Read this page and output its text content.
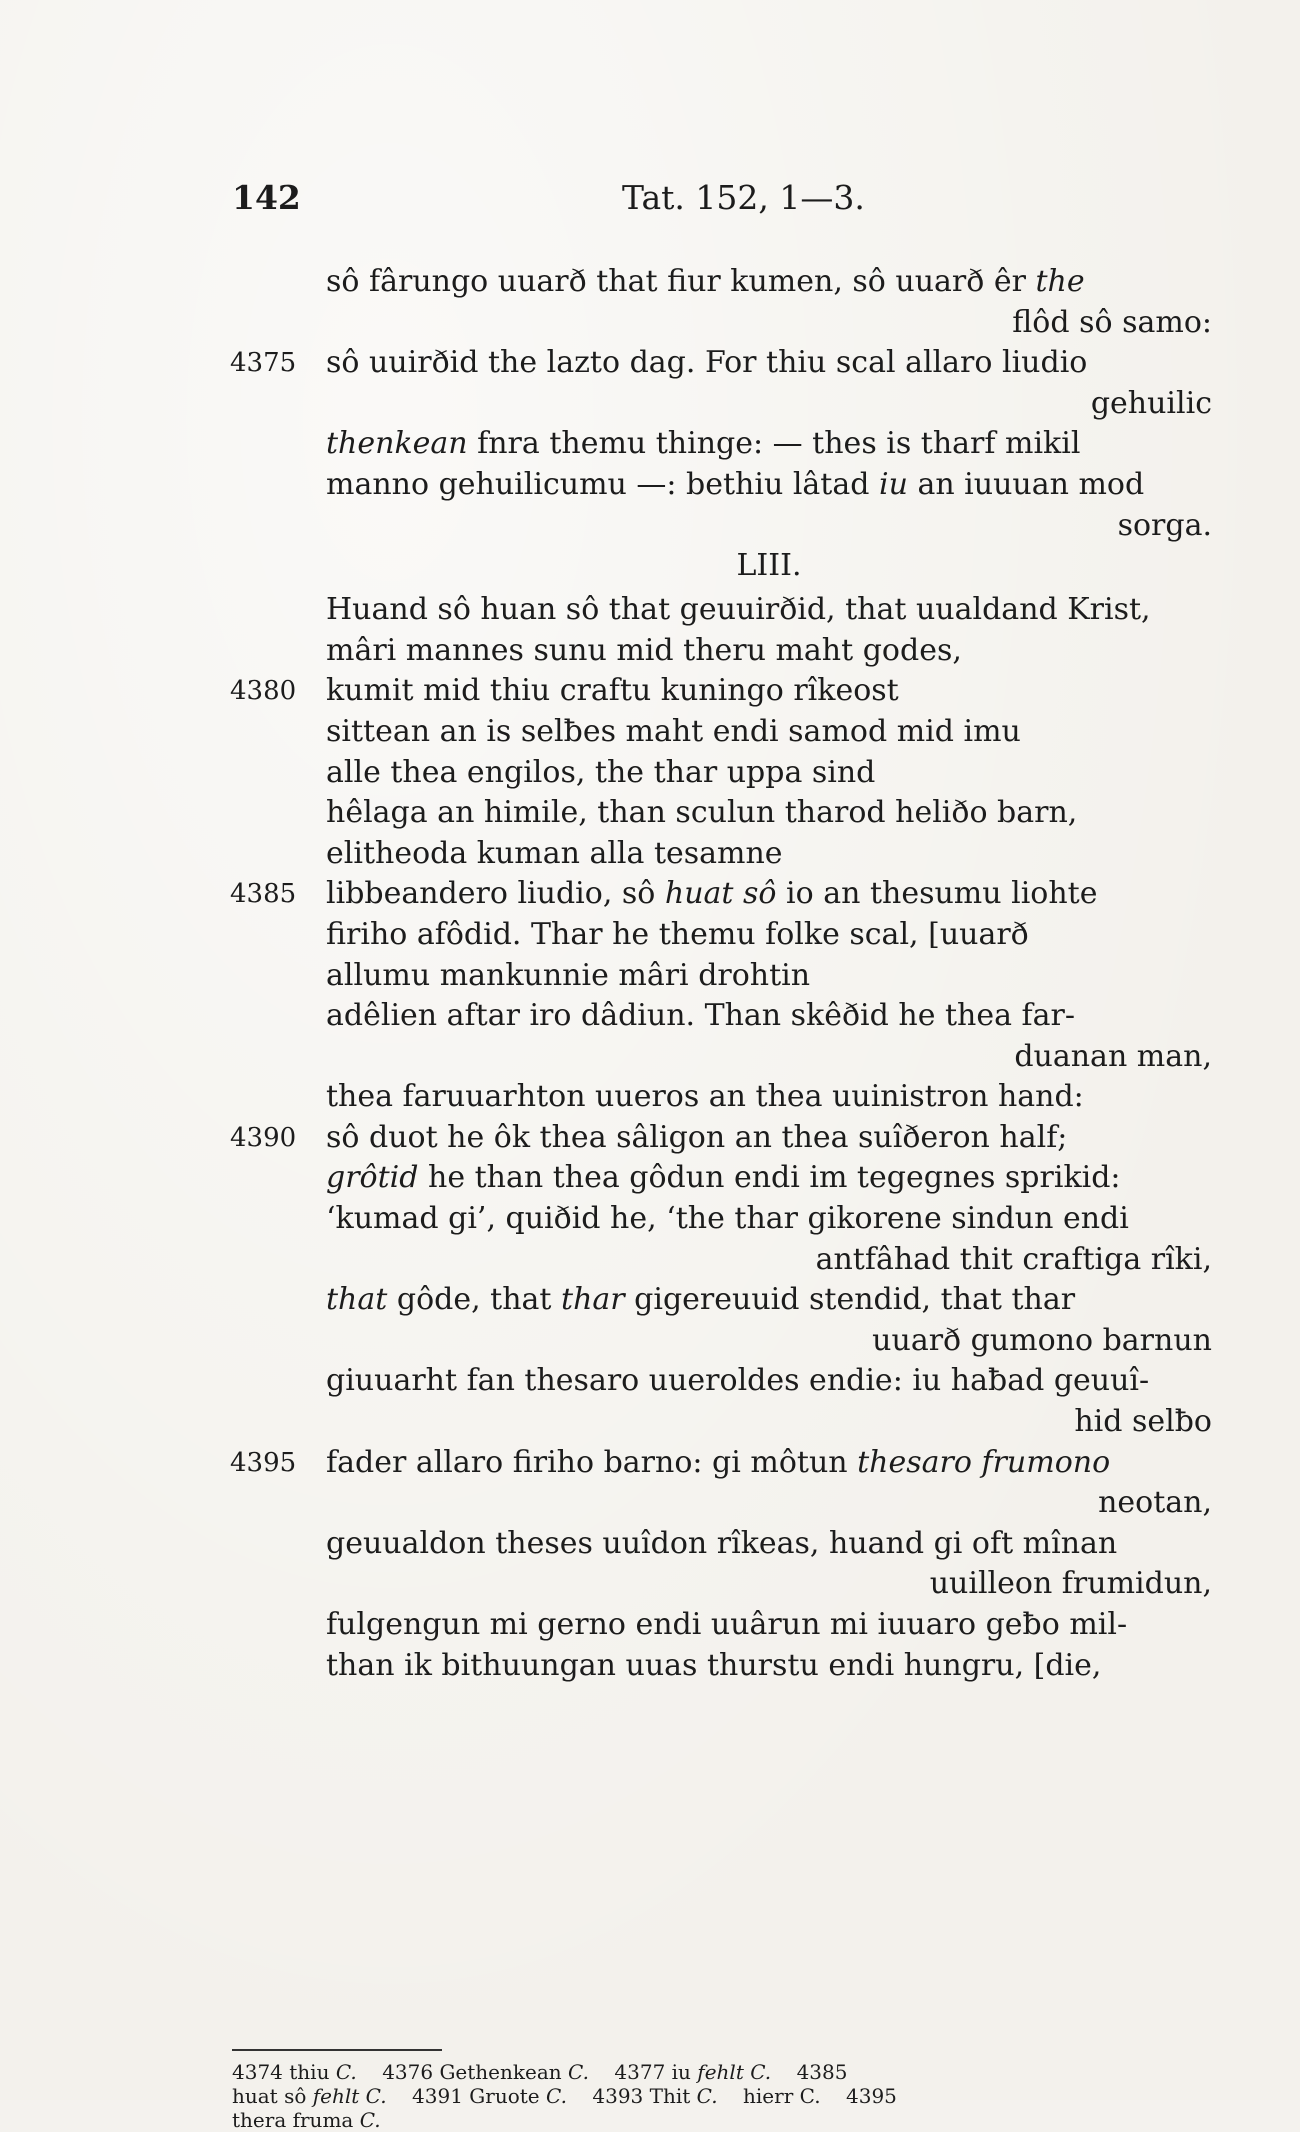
142	Tat. 152, 1—3.
sô fârungo uuarð that fiur kumen, sô uuarð êr the
flôd sô samo:
4375 sô uuirðid the lazto dag. For thiu scal allaro liudio
gehuilic
thenkean fnra themu thinge: — thes is tharf mikil
manno gehuilicumu —: bethiu lâtad iu an iuuuan mod
sorga.
LIII.
Huand sô huan sô that geuuirðid, that uualdand Krist,
mâri mannes sunu mid theru maht godes,
4380 kumit mid thiu craftu kuningo rîkeost
sittean an is selƀes maht endi samod mid imu
alle thea engilos, the thar uppa sind
hêlaga an himile, than sculun tharod heliðo barn,
elitheoda kuman alla tesamne
4385 libbeandero liudio, sô huat sô io an thesumu liohte
firiho afôdid. Thar he themu folke scal, [uuarð
allumu mankunnie mâri drohtin
adêlien aftar iro dâdiun. Than skêðid he thea far-
duanan man,
thea faruuarhton uueros an thea uuinistron hand:
4390 sô duot he ôk thea sâligon an thea suîðeron half;
grôtid he than thea gôdun endi im tegegnes sprikid:
‘kumad gi’, quiðid he, ‘the thar gikorene sindun endi
antfâhad thit craftiga rîki,
that gôde, that thar gigereuuid stendid, that thar
uuarð gumono barnun
giuuarht fan thesaro uueroldes endie: iu haƀad geuuî-
hid selƀo
4395 fader allaro firiho barno: gi môtun thesaro frumono
neotan,
geuualdon theses uuîdon rîkeas, huand gi oft mînan
uuilleon frumidun,
fulgengun mi gerno endi uuârun mi iuuaro geƀo mil-
than ik bithuungan uuas thurstu endi hungru, [die,
4374 thiu C.    4376 Gethenkean C.    4377 iu fehlt C.    4385
huat sô fehlt C.    4391 Gruote C.    4393 Thit C.    hierr C.    4395
thera fruma C.
